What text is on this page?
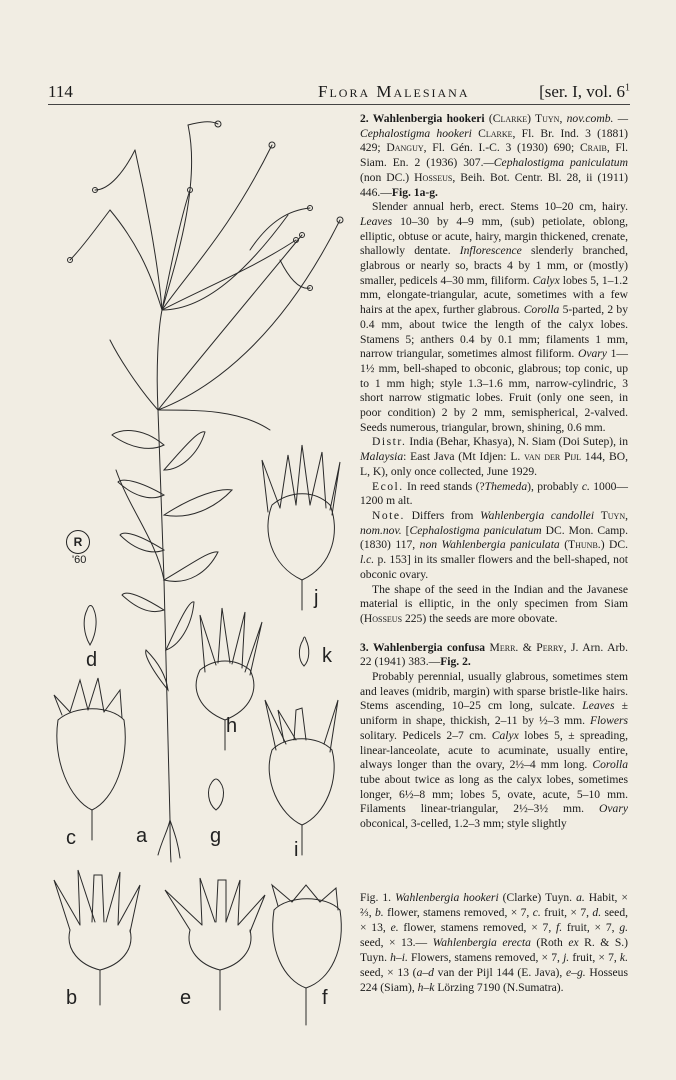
114	Flora Malesiana	[ser. I, vol. $6^1$
R
'60
d	k
j
h
c	a	g
i
b	e	f

2. Wahlenbergia hookeri (Clarke) Tuyn, nov.comb. —Cephalostigma hookeri Clarke, Fl. Br. Ind. 3 (1881) 429; Danguy, Fl. Gén. I.-C. 3 (1930) 690; Craib, Fl. Siam. En. 2 (1936) 307.—Cephalostigma paniculatum (non DC.) Hosseus, Beih. Bot. Centr. Bl. 28, ii (1911) 446.—Fig. 1a-g.

Slender annual herb, erect. Stems 10–20 cm, hairy. Leaves 10–30 by 4–9 mm, (sub) petiolate, oblong, elliptic, obtuse or acute, hairy, margin thickened, crenate, shallowly dentate. Inflorescence slenderly branched, glabrous or nearly so, bracts 4 by 1 mm, or (mostly) smaller, pedicels 4–30 mm, filiform. Calyx lobes 5, 1–1.2 mm, elongate-triangular, acute, sometimes with a few hairs at the apex, further glabrous. Corolla 5-parted, 2 by 0.4 mm, about twice the length of the calyx lobes. Stamens 5; anthers 0.4 by 0.1 mm; filaments 1 mm, narrow triangular, sometimes almost filiform. Ovary 1—1½ mm, bell-shaped to obconic, glabrous; top conic, up to 1 mm high; style 1.3–1.6 mm, narrow-cylindric, 3 short narrow stigmatic lobes. Fruit (only one seen, in poor condition) 2 by 2 mm, semispherical, 2-valved. Seeds numerous, triangular, brown, shining, 0.6 mm.

Distr. India (Behar, Khasya), N. Siam (Doi Sutep), in Malaysia: East Java (Mt Idjen: L. van der Pijl 144, BO, L, K), only once collected, June 1929.

Ecol. In reed stands (?Themeda), probably c. 1000—1200 m alt.

Note. Differs from Wahlenbergia candollei Tuyn, nom.nov. [Cephalostigma paniculatum DC. Mon. Camp. (1830) 117, non Wahlenbergia paniculata (Thunb.) DC. l.c. p. 153] in its smaller flowers and the bell-shaped, not obconic ovary.

The shape of the seed in the Indian and the Javanese material is elliptic, in the only specimen from Siam (Hosseus 225) the seeds are more obovate.

3. Wahlenbergia confusa Merr. & Perry, J. Arn. Arb. 22 (1941) 383.—Fig. 2.

Probably perennial, usually glabrous, sometimes stem and leaves (midrib, margin) with sparse bristle-like hairs. Stems ascending, 10–25 cm long, sulcate. Leaves ± uniform in shape, thickish, 2–11 by ½–3 mm. Flowers solitary. Pedicels 2–7 cm. Calyx lobes 5, ± spreading, linear-lanceolate, acute to acuminate, usually entire, always longer than the ovary, 2½–4 mm long. Corolla tube about twice as long as the calyx lobes, sometimes longer, 6½–8 mm; lobes 5, ovate, acute, 5–10 mm. Filaments linear-triangular, 2½–3½ mm. Ovary obconical, 3-celled, 1.2–3 mm; style slightly

Fig. 1. Wahlenbergia hookeri (Clarke) Tuyn. a. Habit, × ⅔, b. flower, stamens removed, × 7, c. fruit, × 7, d. seed, × 13, e. flower, stamens removed, × 7, f. fruit, × 7, g. seed, × 13.— Wahlenbergia erecta (Roth ex R. & S.) Tuyn. h–i. Flowers, stamens removed, × 7, j. fruit, × 7, k. seed, × 13 (a–d van der Pijl 144 (E. Java), e–g. Hosseus 224 (Siam), h–k Lörzing 7190 (N.Sumatra).
